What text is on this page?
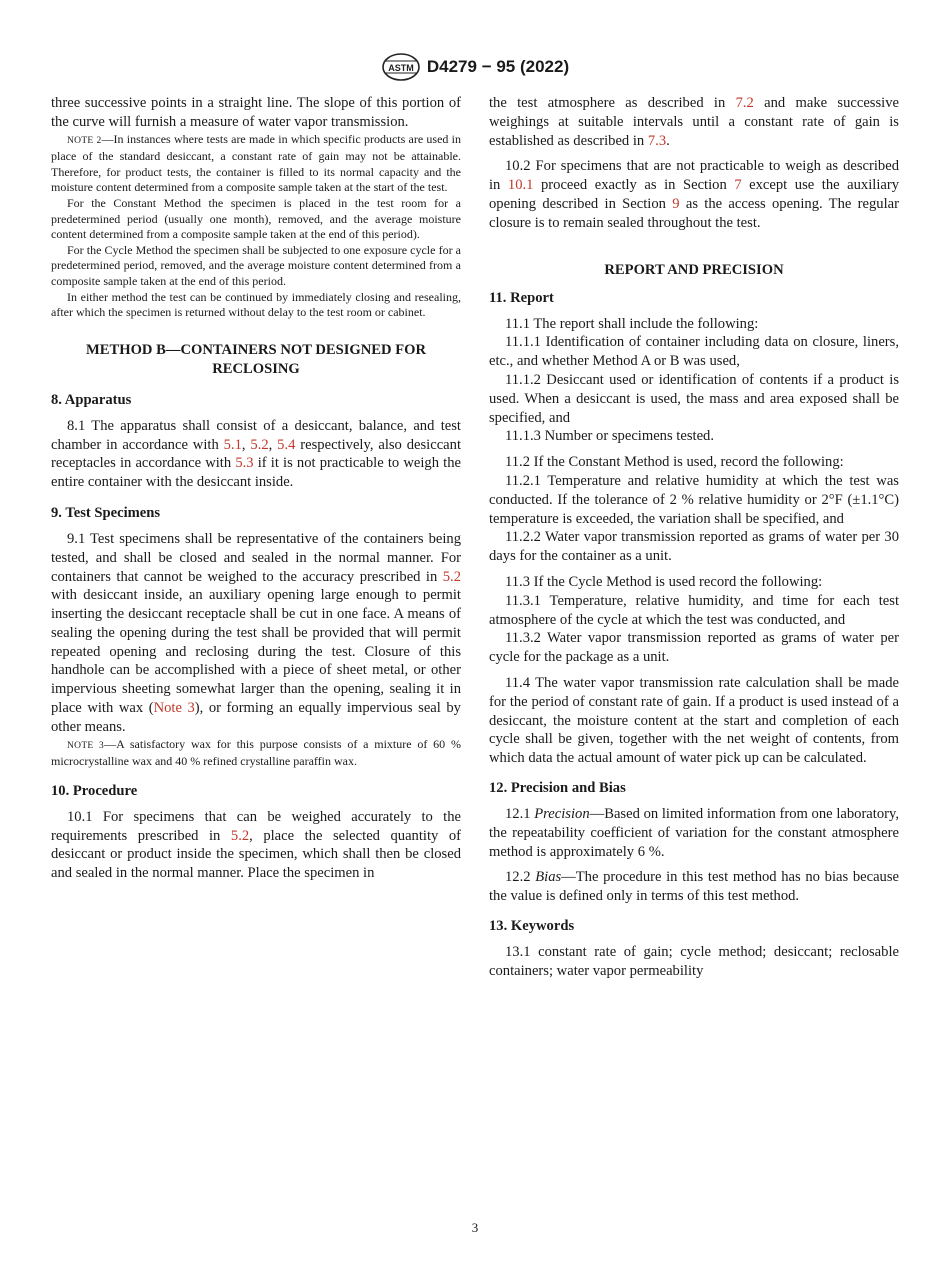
ASTM D4279 − 95 (2022)

three successive points in a straight line. The slope of this portion of the curve will furnish a measure of water vapor transmission.

NOTE 2—In instances where tests are made in which specific products are used in place of the standard desiccant, a constant rate of gain may not be attainable. Therefore, for product tests, the container is filled to its normal capacity and the moisture content determined from a composite sample taken at the start of the test.

For the Constant Method the specimen is placed in the test room for a predetermined period (usually one month), removed, and the average moisture content determined from a composite sample taken at the end of this period).

For the Cycle Method the specimen shall be subjected to one exposure cycle for a predetermined period, removed, and the average moisture content determined from a composite sample taken at the end of this period.

In either method the test can be continued by immediately closing and resealing, after which the specimen is returned without delay to the test room or cabinet.

METHOD B—CONTAINERS NOT DESIGNED FOR RECLOSING
8. Apparatus

8.1 The apparatus shall consist of a desiccant, balance, and test chamber in accordance with 5.1, 5.2, 5.4 respectively, also desiccant receptacles in accordance with 5.3 if it is not practicable to weigh the entire container with the desiccant inside.

9. Test Specimens

9.1 Test specimens shall be representative of the containers being tested, and shall be closed and sealed in the normal manner. For containers that cannot be weighed to the accuracy prescribed in 5.2 with desiccant inside, an auxiliary opening large enough to permit inserting the desiccant receptacle shall be cut in one face. A means of sealing the opening during the test shall be provided that will permit repeated opening and reclosing during the test. Closure of this handhole can be accomplished with a piece of sheet metal, or other impervious sheeting somewhat larger than the opening, sealing it in place with wax (Note 3), or forming an equally impervious seal by other means.

NOTE 3—A satisfactory wax for this purpose consists of a mixture of 60 % microcrystalline wax and 40 % refined crystalline paraffin wax.

10. Procedure

10.1 For specimens that can be weighed accurately to the requirements prescribed in 5.2, place the selected quantity of desiccant or product inside the specimen, which shall then be closed and sealed in the normal manner. Place the specimen in

the test atmosphere as described in 7.2 and make successive weighings at suitable intervals until a constant rate of gain is established as described in 7.3.

10.2 For specimens that are not practicable to weigh as described in 10.1 proceed exactly as in Section 7 except use the auxiliary opening described in Section 9 as the access opening. The regular closure is to remain sealed throughout the test.

REPORT AND PRECISION
11. Report

11.1 The report shall include the following:

11.1.1 Identification of container including data on closure, liners, etc., and whether Method A or B was used,

11.1.2 Desiccant used or identification of contents if a product is used. When a desiccant is used, the mass and area exposed shall be specified, and

11.1.3 Number or specimens tested.

11.2 If the Constant Method is used, record the following:

11.2.1 Temperature and relative humidity at which the test was conducted. If the tolerance of 2 % relative humidity or 2°F (±1.1°C) temperature is exceeded, the variation shall be specified, and

11.2.2 Water vapor transmission reported as grams of water per 30 days for the container as a unit.

11.3 If the Cycle Method is used record the following:

11.3.1 Temperature, relative humidity, and time for each test atmosphere of the cycle at which the test was conducted, and

11.3.2 Water vapor transmission reported as grams of water per cycle for the package as a unit.

11.4 The water vapor transmission rate calculation shall be made for the period of constant rate of gain. If a product is used instead of a desiccant, the moisture content at the start and completion of each cycle shall be given, together with the net weight of contents, from which data the actual amount of water pick up can be calculated.

12. Precision and Bias

12.1 Precision—Based on limited information from one laboratory, the repeatability coefficient of variation for the constant atmosphere method is approximately 6 %.

12.2 Bias—The procedure in this test method has no bias because the value is defined only in terms of this test method.

13. Keywords

13.1 constant rate of gain; cycle method; desiccant; reclosable containers; water vapor permeability

3
